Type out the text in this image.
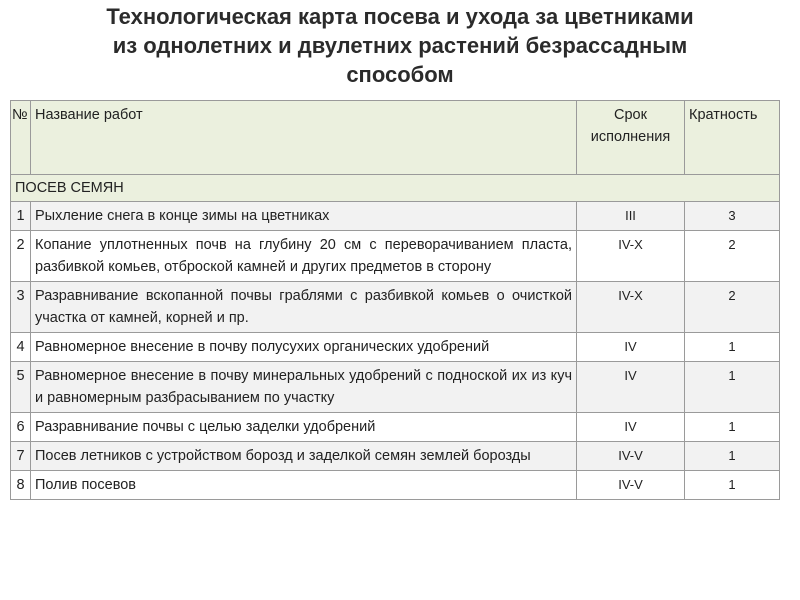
Технологическая карта посева и ухода за цветниками
из однолетних и двулетних растений безрассадным
способом
№	Название работ	Срок исполнения	Кратность
ПОСЕВ СЕМЯН			
1	Рыхление снега в конце зимы на цветниках	III	3
2	Копание уплотненных почв на глубину 20 см с переворачиванием пласта, разбивкой комьев, отброской камней и других предметов в сторону	IV-X	2
3	Разравнивание вскопанной почвы граблями с разбивкой комьев о очисткой участка от камней, корней и пр.	IV-X	2
4	Равномерное внесение в почву полусухих органических удобрений	IV	1
5	Равномерное внесение в почву минеральных удобрений с подноской их из куч и равномерным разбрасыванием по участку	IV	1
6	Разравнивание почвы с целью заделки удобрений	IV	1
7	Посев летников с устройством борозд и заделкой семян землей борозды	IV-V	1
8	Полив посевов	IV-V	1
